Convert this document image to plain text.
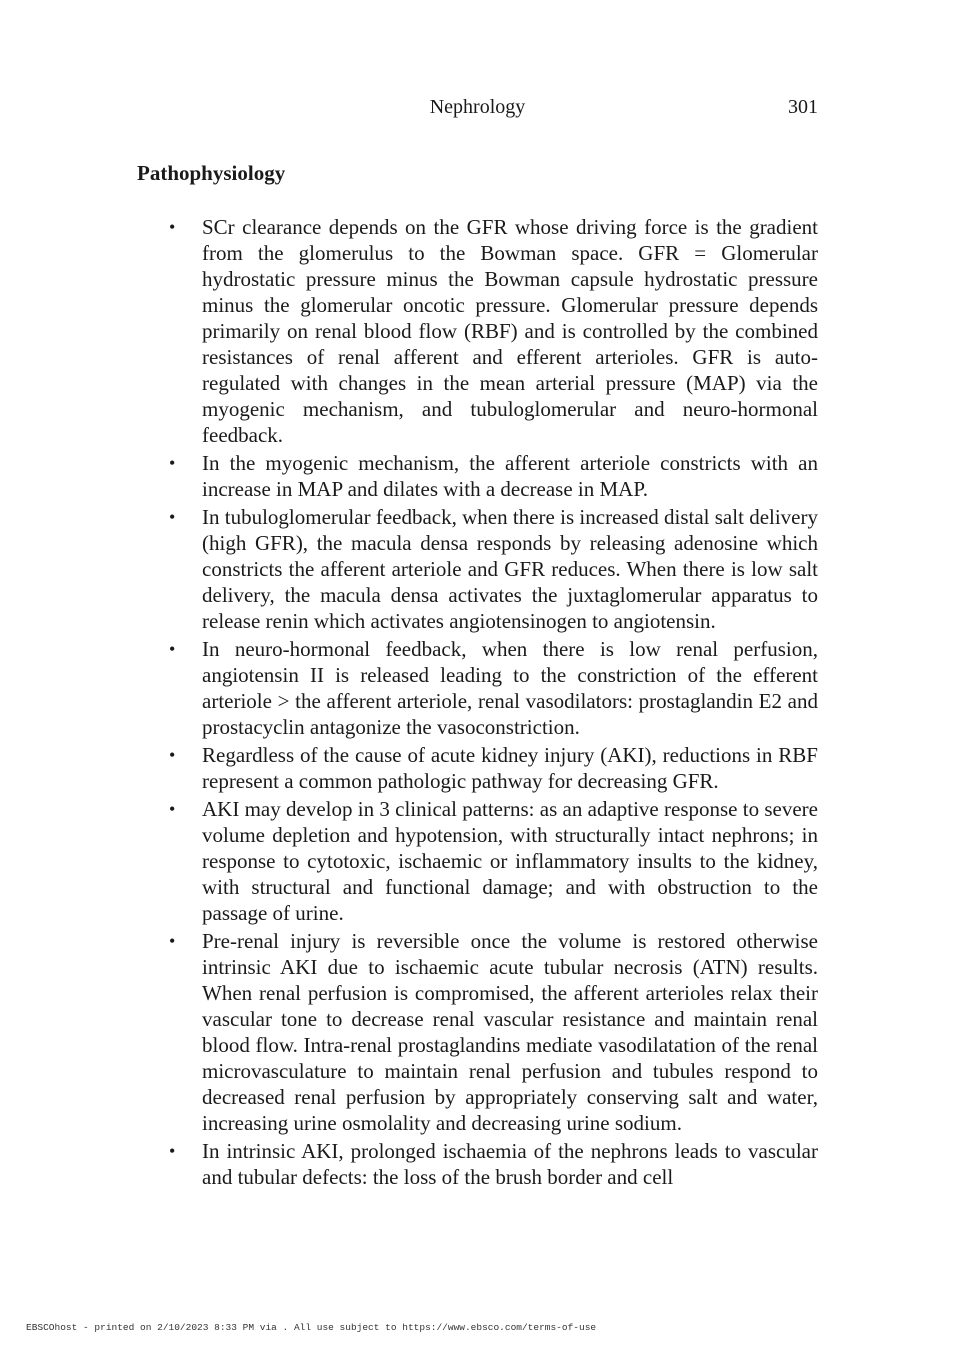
Nephrology	301
Pathophysiology
• SCr clearance depends on the GFR whose driving force is the gradient from the glomerulus to the Bowman space. GFR = Glomerular hydrostatic pressure minus the Bowman capsule hydrostatic pressure minus the glomerular oncotic pressure. Glomerular pressure depends primarily on renal blood flow (RBF) and is controlled by the combined resistances of renal afferent and efferent arterioles. GFR is auto-regulated with changes in the mean arterial pressure (MAP) via the myogenic mechanism, and tubuloglomerular and neuro-hormonal feedback.
• In the myogenic mechanism, the afferent arteriole constricts with an increase in MAP and dilates with a decrease in MAP.
• In tubuloglomerular feedback, when there is increased distal salt delivery (high GFR), the macula densa responds by releasing adenosine which constricts the afferent arteriole and GFR reduces. When there is low salt delivery, the macula densa activates the juxtaglomerular apparatus to release renin which activates angiotensinogen to angiotensin.
• In neuro-hormonal feedback, when there is low renal perfusion, angiotensin II is released leading to the constriction of the efferent arteriole > the afferent arteriole, renal vasodilators: prostaglandin E2 and prostacyclin antagonize the vasoconstriction.
• Regardless of the cause of acute kidney injury (AKI), reductions in RBF represent a common pathologic pathway for decreasing GFR.
• AKI may develop in 3 clinical patterns: as an adaptive response to severe volume depletion and hypotension, with structurally intact nephrons; in response to cytotoxic, ischaemic or inflammatory insults to the kidney, with structural and functional damage; and with obstruction to the passage of urine.
• Pre-renal injury is reversible once the volume is restored otherwise intrinsic AKI due to ischaemic acute tubular necrosis (ATN) results. When renal perfusion is compromised, the afferent arterioles relax their vascular tone to decrease renal vascular resistance and maintain renal blood flow. Intra-renal prostaglandins mediate vasodilatation of the renal microvasculature to maintain renal perfusion and tubules respond to decreased renal perfusion by appropriately conserving salt and water, increasing urine osmolality and decreasing urine sodium.
• In intrinsic AKI, prolonged ischaemia of the nephrons leads to vascular and tubular defects: the loss of the brush border and cell
EBSCOhost - printed on 2/10/2023 8:33 PM via . All use subject to https://www.ebsco.com/terms-of-use
